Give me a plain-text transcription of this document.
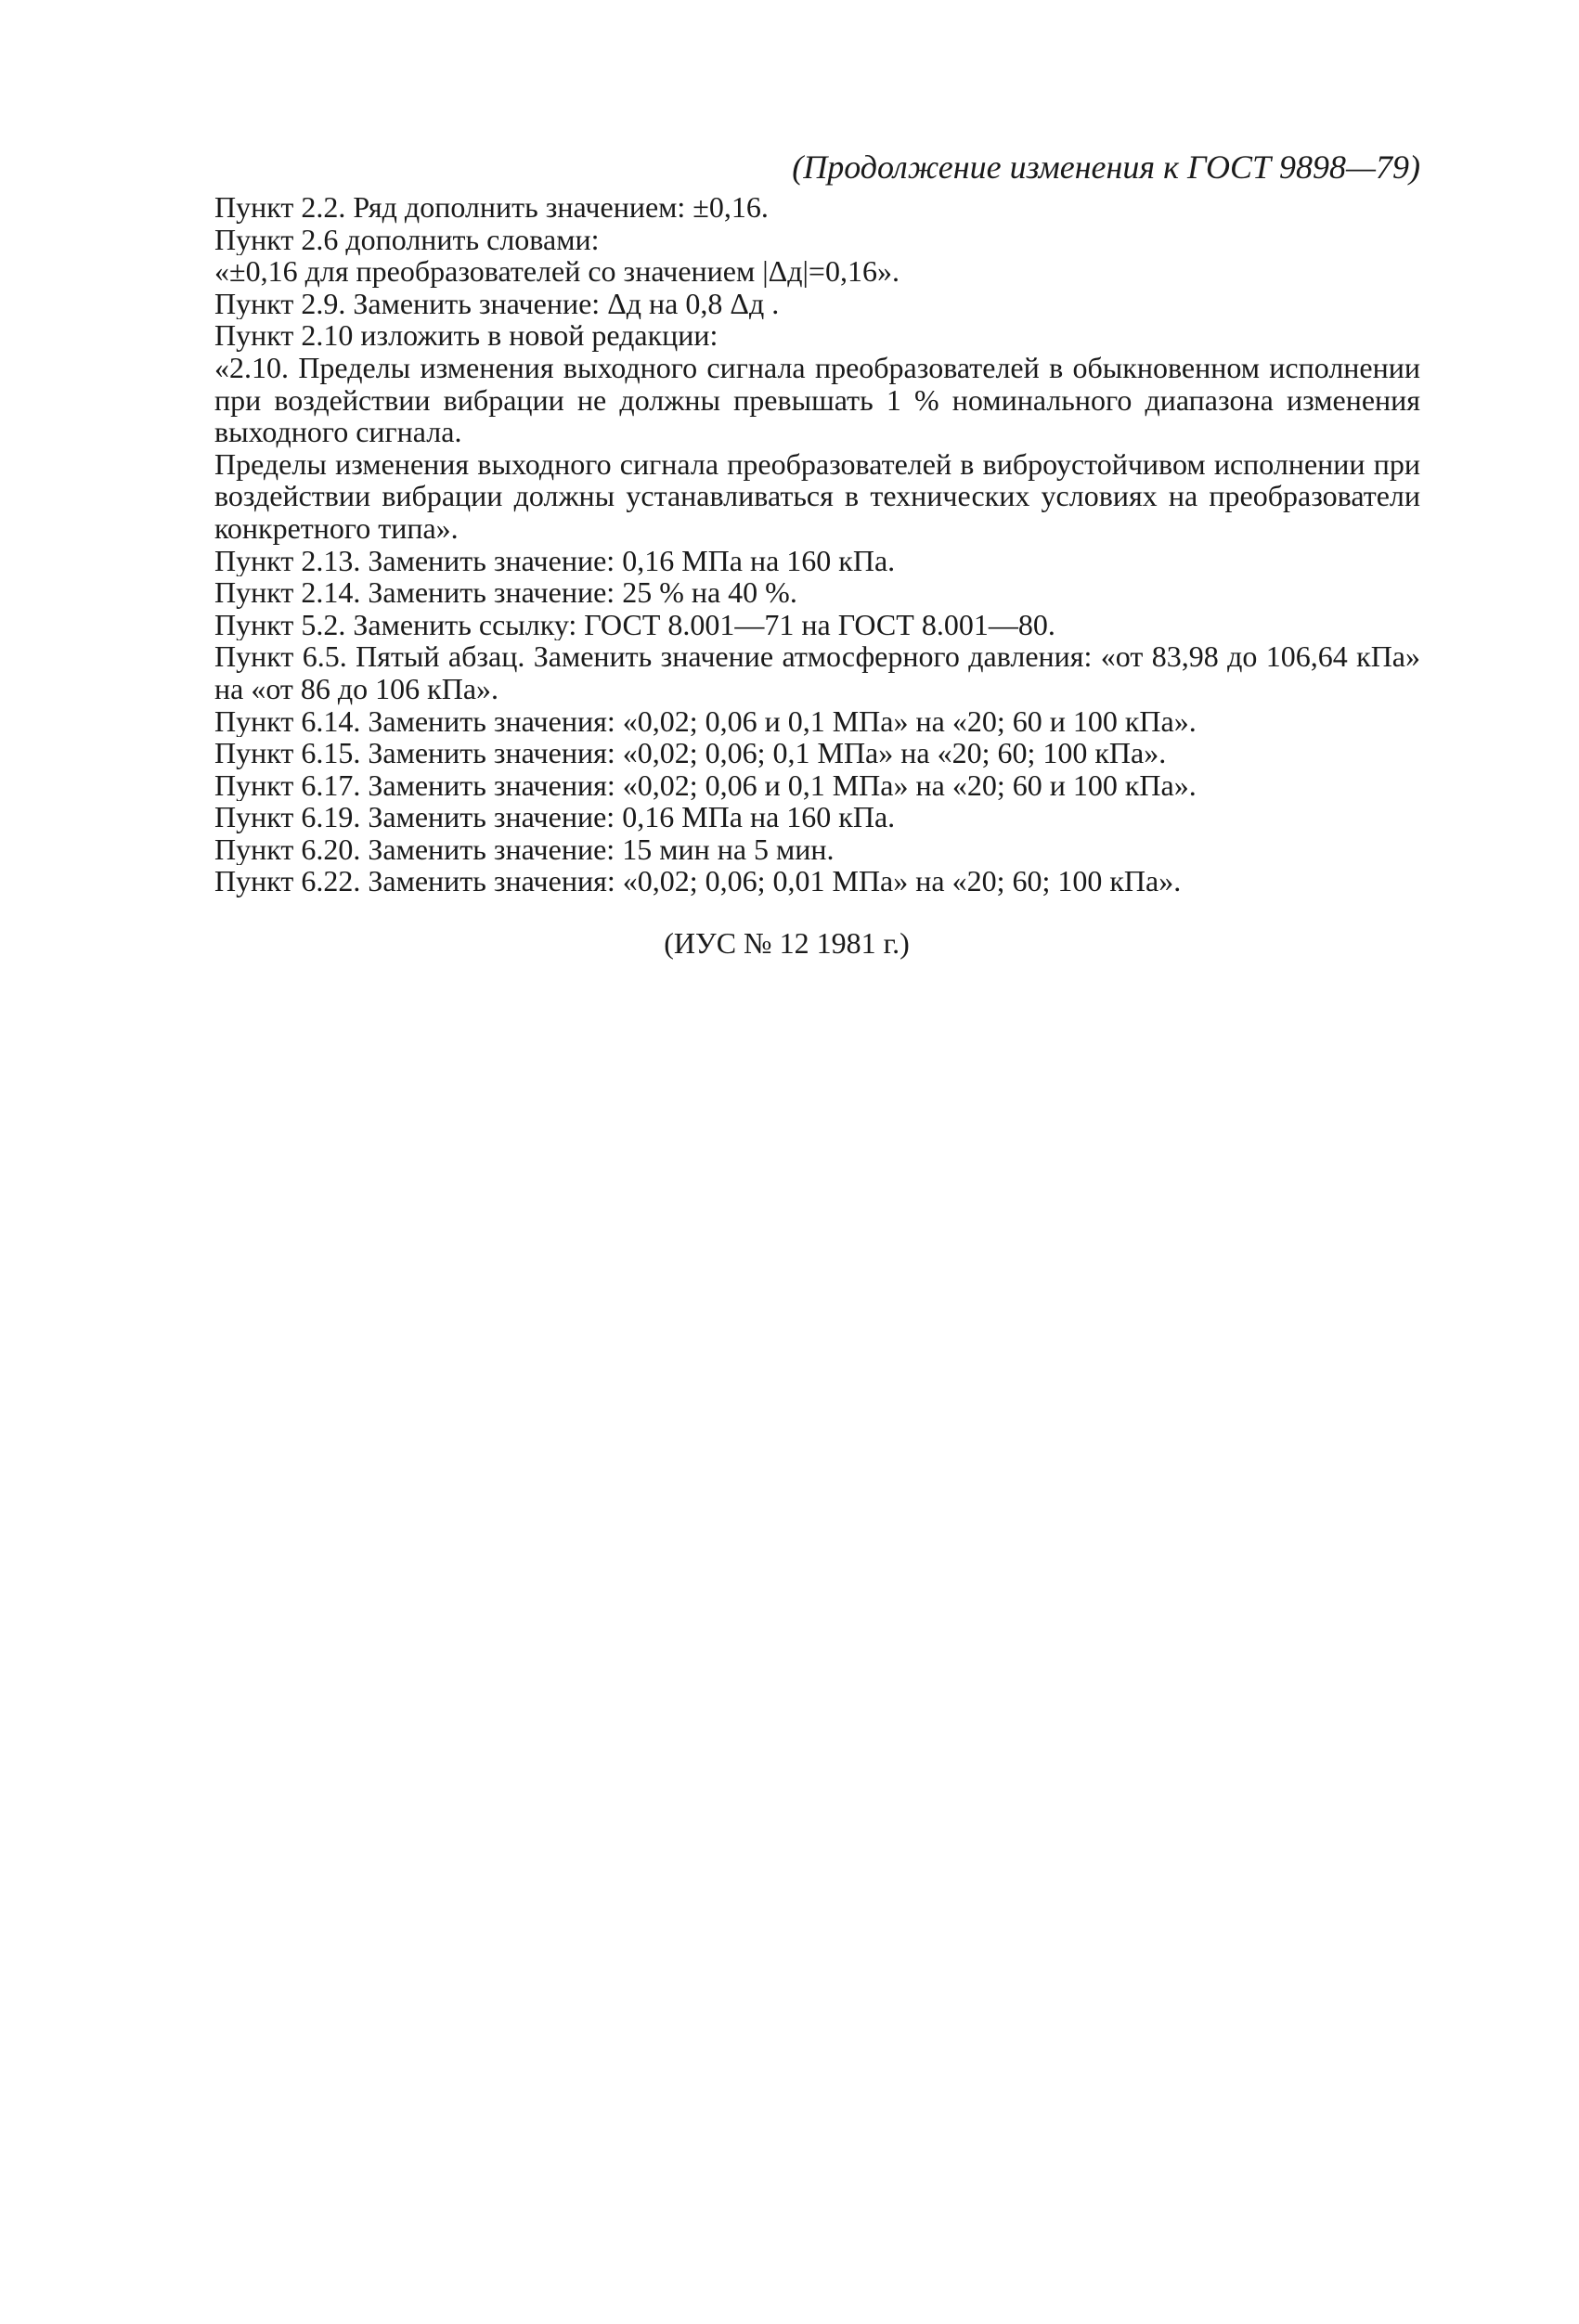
(Продолжение изменения к ГОСТ 9898—79)
Пункт 2.2. Ряд дополнить значением: ±0,16.
Пункт 2.6 дополнить словами:
«±0,16 для преобразователей со значением |Δд|=0,16».
Пункт 2.9. Заменить значение: Δд на 0,8 Δд .
Пункт 2.10 изложить в новой редакции:
«2.10. Пределы изменения выходного сигнала преобразователей в обыкновенном исполнении при воздействии вибрации не должны превышать 1 % номинального диапазона изменения выходного сигнала.
Пределы изменения выходного сигнала преобразователей в виброустойчивом исполнении при воздействии вибрации должны устанавливаться в технических условиях на преобразователи конкретного типа».
Пункт 2.13. Заменить значение: 0,16 МПа на 160 кПа.
Пункт 2.14. Заменить значение: 25 % на 40 %.
Пункт 5.2. Заменить ссылку: ГОСТ 8.001—71 на ГОСТ 8.001—80.
Пункт 6.5. Пятый абзац. Заменить значение атмосферного давления: «от 83,98 до 106,64 кПа» на «от 86 до 106 кПа».
Пункт 6.14. Заменить значения: «0,02; 0,06 и 0,1 МПа» на «20; 60 и 100 кПа».
Пункт 6.15. Заменить значения: «0,02; 0,06; 0,1 МПа» на «20; 60; 100 кПа».
Пункт 6.17. Заменить значения: «0,02; 0,06 и 0,1 МПа» на «20; 60 и 100 кПа».
Пункт 6.19. Заменить значение: 0,16 МПа на 160 кПа.
Пункт 6.20. Заменить значение: 15 мин на 5 мин.
Пункт 6.22. Заменить значения: «0,02; 0,06; 0,01 МПа» на «20; 60; 100 кПа».
(ИУС № 12 1981 г.)
